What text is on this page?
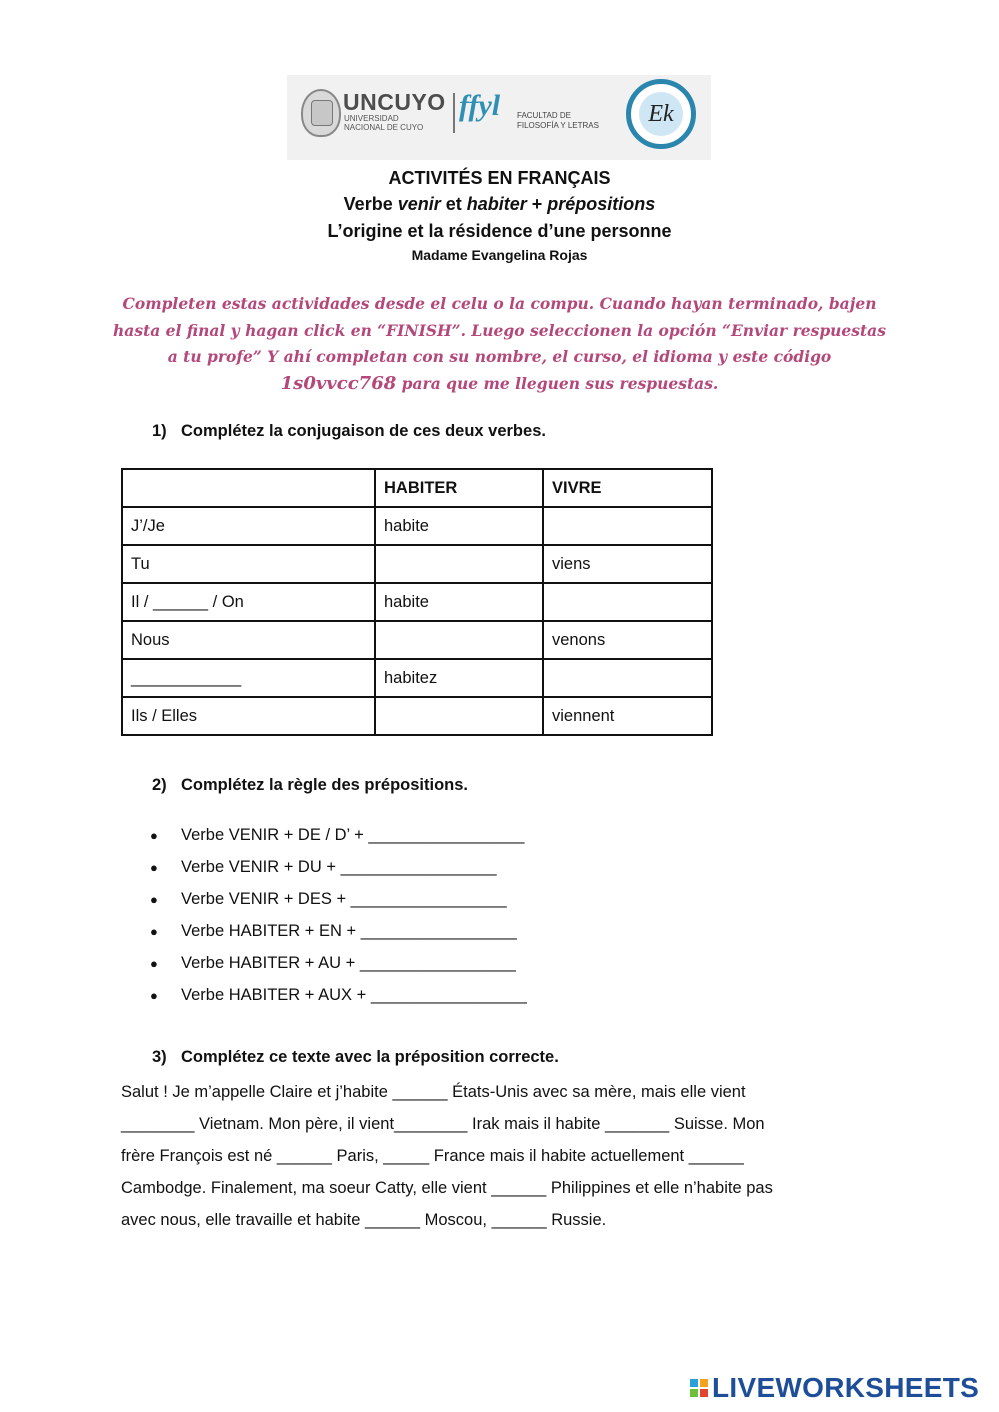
UNCUYO
UNIVERSIDAD
NACIONAL DE CUYO
ffyl FACULTAD DE
FILOSOFÍA Y LETRAS	Ek
ACTIVITÉS EN FRANÇAIS
Verbe venir et habiter + prépositions
L’origine et la résidence d’une personne
Madame Evangelina Rojas
Completen estas actividades desde el celu o la compu. Cuando hayan terminado, bajen hasta el final y hagan click en “FINISH”. Luego seleccionen la opción “Enviar respuestas a tu profe” Y ahí completan con su nombre, el curso, el idioma y este código 1s0vvcc768 para que me lleguen sus respuestas.
1) Complétez la conjugaison de ces deux verbes.
	HABITER	VIVRE
J’/Je	habite	
Tu		viens
Il / ______ / On	habite	
Nous		venons
____________	habitez	
Ils / Elles		viennent
2) Complétez la règle des prépositions.
● Verbe VENIR + DE / D’ + _________________
● Verbe VENIR + DU + _________________
● Verbe VENIR + DES + _________________
● Verbe HABITER + EN + _________________
● Verbe HABITER + AU + _________________
● Verbe HABITER + AUX + _________________
3) Complétez ce texte avec la préposition correcte.
Salut ! Je m’appelle Claire et j’habite ______ États-Unis avec sa mère, mais elle vient
________ Vietnam. Mon père, il vient________ Irak mais il habite _______ Suisse. Mon
frère François est né ______ Paris, _____ France mais il habite actuellement ______
Cambodge. Finalement, ma soeur Catty, elle vient ______ Philippines et elle n’habite pas
avec nous, elle travaille et habite ______ Moscou, ______ Russie.
LIVEWORKSHEETS
